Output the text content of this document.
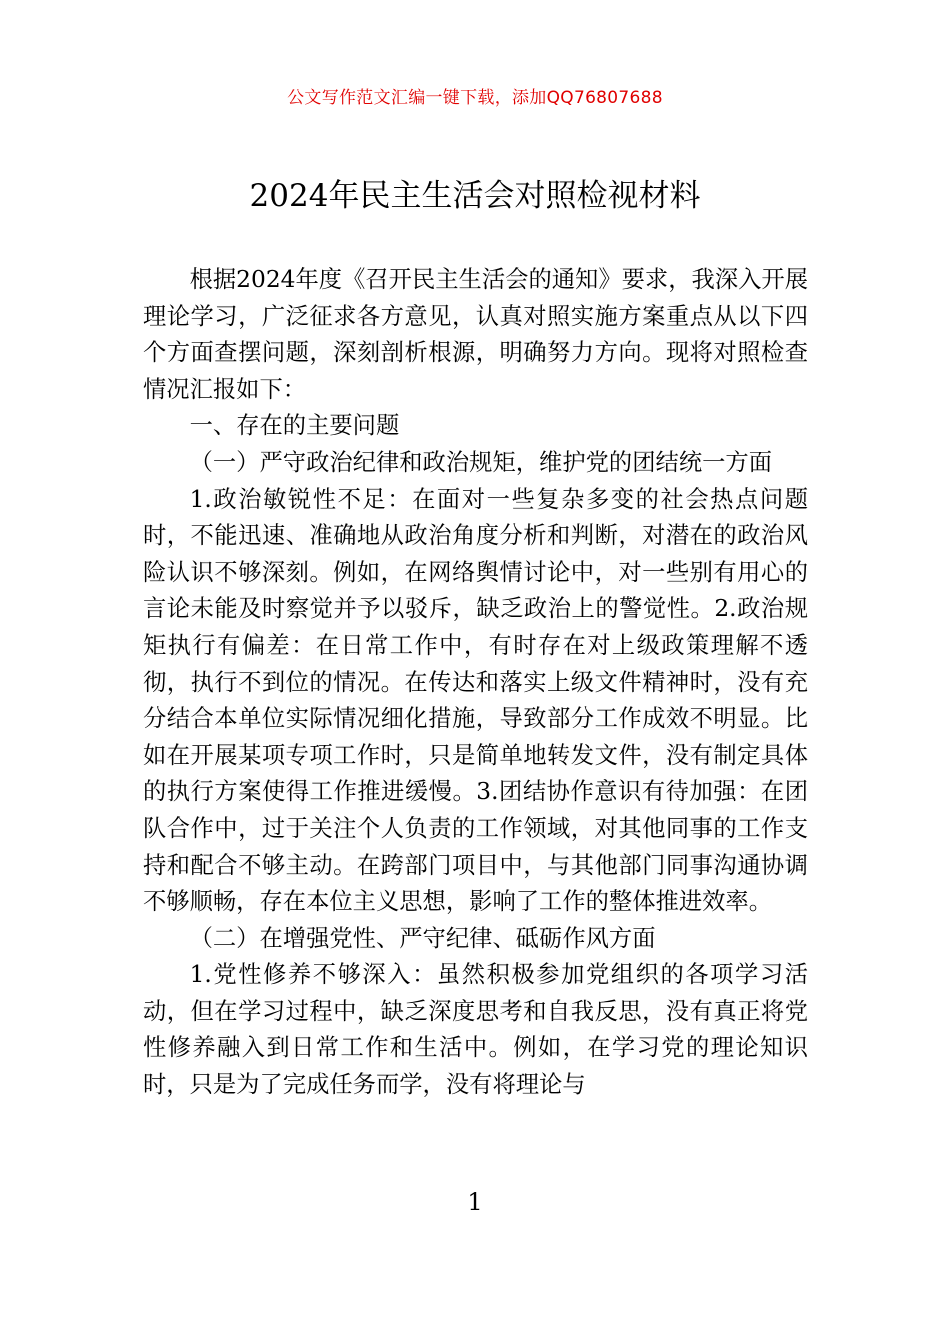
公文写作范文汇编一键下载，添加QQ76807688
2024年民主生活会对照检视材料

根据2024年度《召开民主生活会的通知》要求，我深入开展理论学习，广泛征求各方意见，认真对照实施方案重点从以下四个方面查摆问题，深刻剖析根源，明确努力方向。现将对照检查情况汇报如下：

一、存在的主要问题

（一）严守政治纪律和政治规矩，维护党的团结统一方面

1.政治敏锐性不足：在面对一些复杂多变的社会热点问题时，不能迅速、准确地从政治角度分析和判断，对潜在的政治风险认识不够深刻。例如，在网络舆情讨论中，对一些别有用心的言论未能及时察觉并予以驳斥，缺乏政治上的警觉性。2.政治规矩执行有偏差：在日常工作中，有时存在对上级政策理解不透彻，执行不到位的情况。在传达和落实上级文件精神时，没有充分结合本单位实际情况细化措施，导致部分工作成效不明显。比如在开展某项专项工作时，只是简单地转发文件，没有制定具体的执行方案使得工作推进缓慢。3.团结协作意识有待加强：在团队合作中，过于关注个人负责的工作领域，对其他同事的工作支持和配合不够主动。在跨部门项目中，与其他部门同事沟通协调不够顺畅，存在本位主义思想，影响了工作的整体推进效率。

（二）在增强党性、严守纪律、砥砺作风方面

1.党性修养不够深入：虽然积极参加党组织的各项学习活动，但在学习过程中，缺乏深度思考和自我反思，没有真正将党性修养融入到日常工作和生活中。例如，在学习党的理论知识时，只是为了完成任务而学，没有将理论与

1
